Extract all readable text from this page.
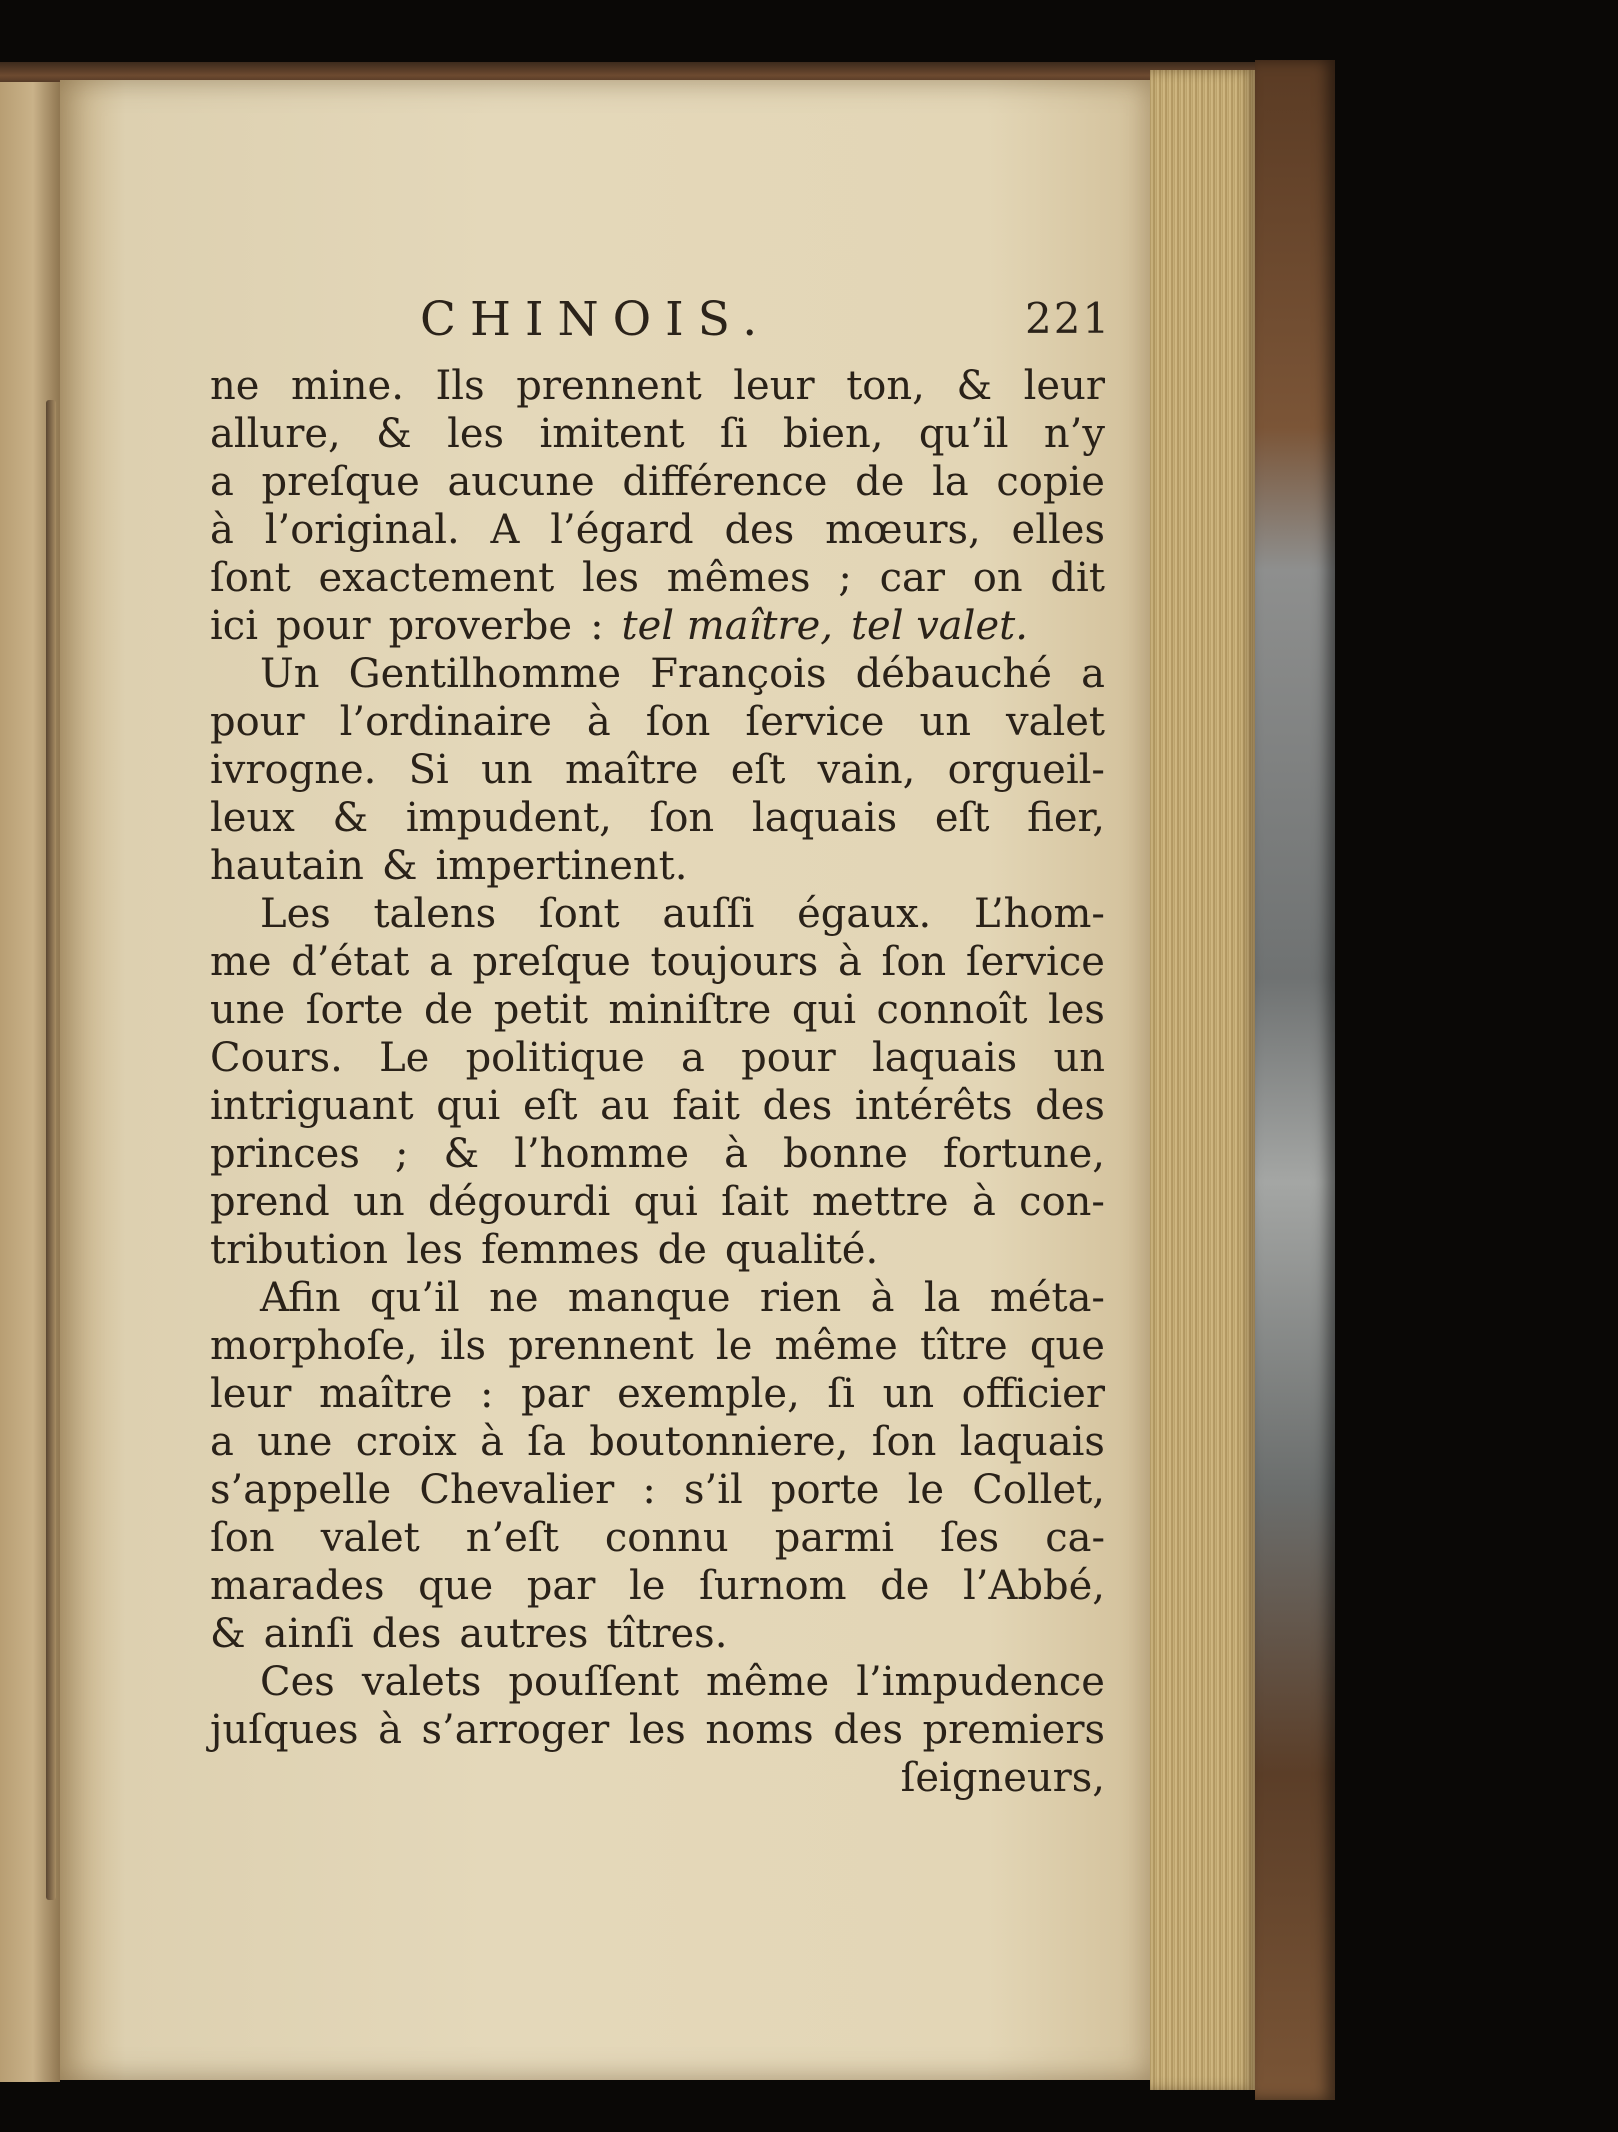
CHINOIS.	221
ne mine. Ils prennent leur ton, & leur
allure, & les imitent ſi bien, qu’il n’y
a preſque aucune différence de la copie
à l’original. A l’égard des mœurs, elles
ſont exactement les mêmes ; car on dit
ici pour proverbe : tel maître, tel valet.
Un Gentilhomme François débauché a
pour l’ordinaire à ſon ſervice un valet
ivrogne. Si un maître eſt vain, orgueil-
leux & impudent, ſon laquais eſt fier,
hautain & impertinent.
Les talens ſont auſſi égaux. L’hom-
me d’état a preſque toujours à ſon ſervice
une ſorte de petit miniſtre qui connoît les
Cours. Le politique a pour laquais un
intriguant qui eſt au fait des intérêts des
princes ; & l’homme à bonne fortune,
prend un dégourdi qui ſait mettre à con-
tribution les femmes de qualité.
Afin qu’il ne manque rien à la méta-
morphoſe, ils prennent le même tître que
leur maître : par exemple, ſi un officier
a une croix à ſa boutonniere, ſon laquais
s’appelle Chevalier : s’il porte le Collet,
ſon valet n’eſt connu parmi ſes ca-
marades que par le ſurnom de l’Abbé,
& ainſi des autres tîtres.
Ces valets pouſſent même l’impudence
juſques à s’arroger les noms des premiers
ſeigneurs,
